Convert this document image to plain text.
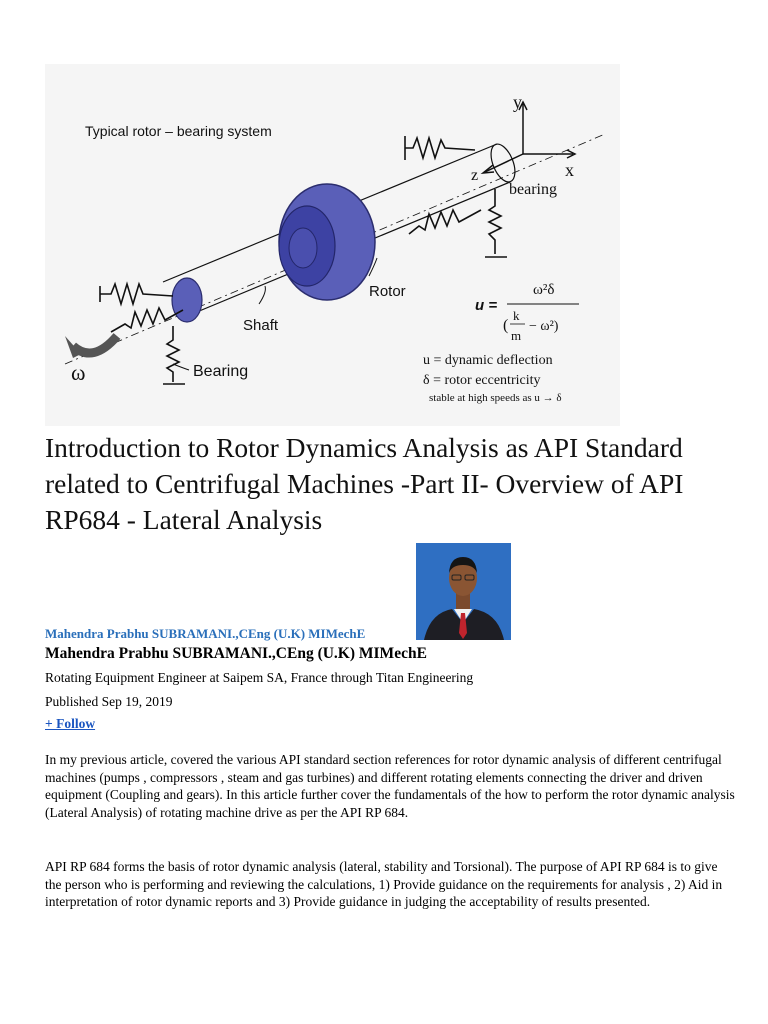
Typical rotor – bearing system
y
x
z
ω
Shaft
Rotor
Bearing
bearing
u =
ω²δ
(
k
m
− ω²)
u = dynamic deflection
δ = rotor eccentricity
stable at high speeds as u → δ
Introduction to Rotor Dynamics Analysis as API Standard related to Centrifugal Machines -Part II- Overview of API RP684 - Lateral Analysis
Mahendra Prabhu SUBRAMANI.,CEng (U.K) MIMechE
Mahendra Prabhu SUBRAMANI.,CEng (U.K) MIMechE
Rotating Equipment Engineer at Saipem SA, France through Titan Engineering
Published Sep 19, 2019
+ Follow

In my previous article, covered the various API standard section references for rotor dynamic analysis of different centrifugal machines (pumps , compressors , steam and gas turbines) and different rotating elements connecting the driver and driven equipment (Coupling and gears). In this article further cover the fundamentals of the how to perform the rotor dynamic analysis (Lateral Analysis) of rotating machine drive as per the API RP 684.

API RP 684 forms the basis of rotor dynamic analysis (lateral, stability and Torsional). The purpose of API RP 684 is to give the person who is performing and reviewing the calculations, 1) Provide guidance on the requirements for analysis , 2) Aid in interpretation of rotor dynamic reports and 3) Provide guidance in judging the acceptability of results presented.
